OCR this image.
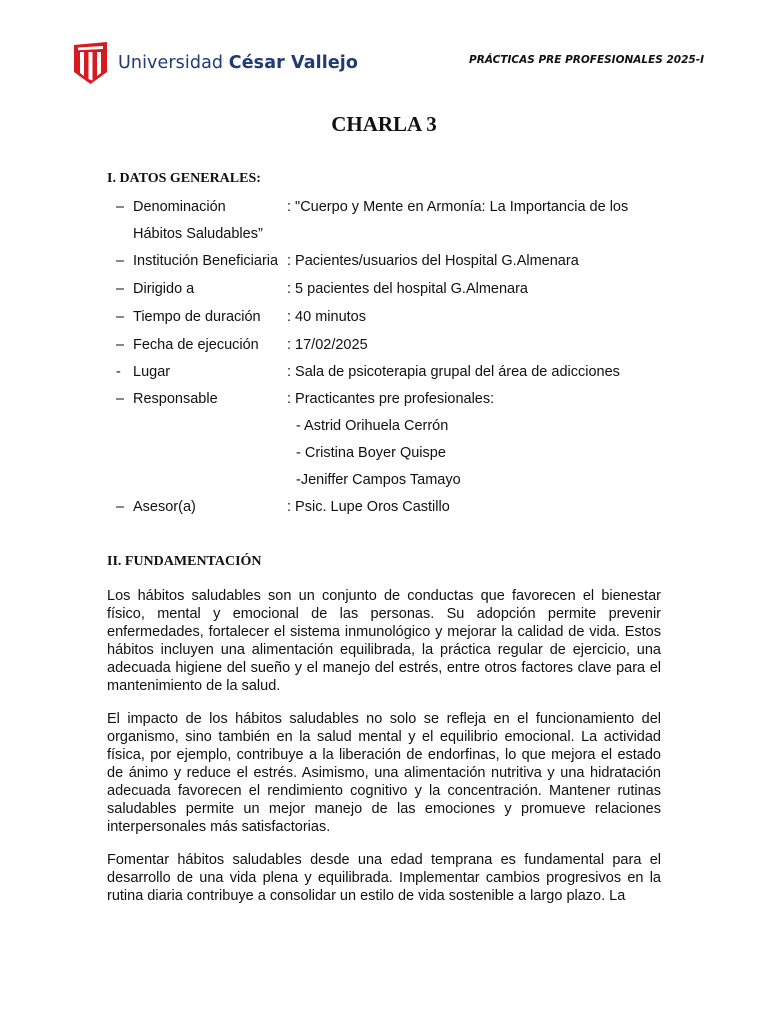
Universidad César Vallejo	PRÁCTICAS PRE PROFESIONALES 2025-I
CHARLA 3
I. DATOS GENERALES:
– Denominación	: "Cuerpo y Mente en Armonía: La Importancia de los
Hábitos Saludables”
– Institución Beneficiaria : Pacientes/usuarios del Hospital G.Almenara
– Dirigido a	: 5 pacientes del hospital G.Almenara
– Tiempo de duración : 40 minutos
– Fecha de ejecución : 17/02/2025
- Lugar	: Sala de psicoterapia grupal del área de adicciones
– Responsable	: Practicantes pre profesionales:
- Astrid Orihuela Cerrón
- Cristina Boyer Quispe
-Jeniffer Campos Tamayo
– Asesor(a)	: Psic. Lupe Oros Castillo
II. FUNDAMENTACIÓN

Los hábitos saludables son un conjunto de conductas que favorecen el bienestar físico, mental y emocional de las personas. Su adopción permite prevenir enfermedades, fortalecer el sistema inmunológico y mejorar la calidad de vida. Estos hábitos incluyen una alimentación equilibrada, la práctica regular de ejercicio, una adecuada higiene del sueño y el manejo del estrés, entre otros factores clave para el mantenimiento de la salud.

El impacto de los hábitos saludables no solo se refleja en el funcionamiento del organismo, sino también en la salud mental y el equilibrio emocional. La actividad física, por ejemplo, contribuye a la liberación de endorfinas, lo que mejora el estado de ánimo y reduce el estrés. Asimismo, una alimentación nutritiva y una hidratación adecuada favorecen el rendimiento cognitivo y la concentración. Mantener rutinas saludables permite un mejor manejo de las emociones y promueve relaciones interpersonales más satisfactorias.

Fomentar hábitos saludables desde una edad temprana es fundamental para el desarrollo de una vida plena y equilibrada. Implementar cambios progresivos en la rutina diaria contribuye a consolidar un estilo de vida sostenible a largo plazo. La
